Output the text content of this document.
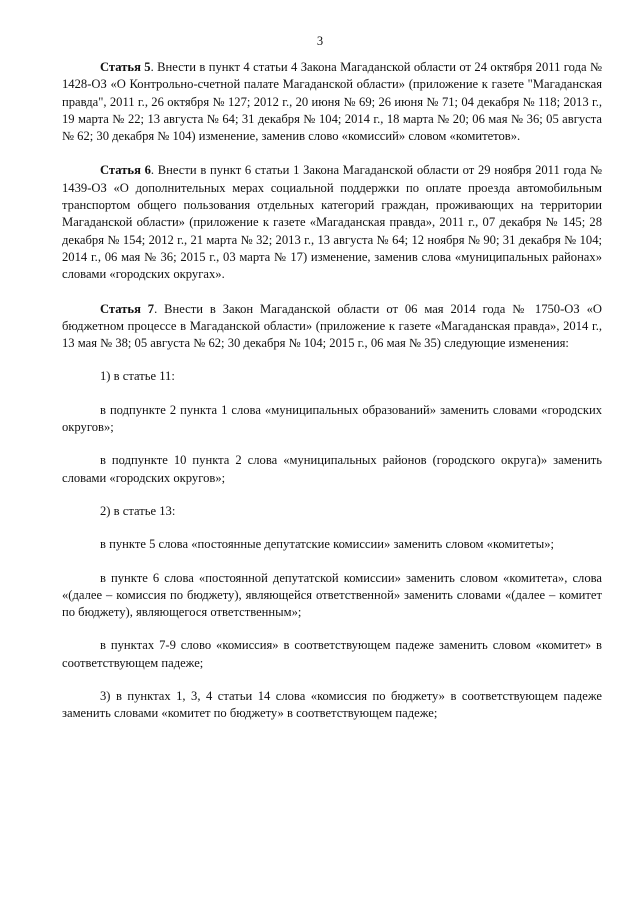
3

Статья 5. Внести в пункт 4 статьи 4 Закона Магаданской области от 24 октября 2011 года № 1428-ОЗ «О Контрольно-счетной палате Магаданской области» (приложение к газете "Магаданская правда", 2011 г., 26 октября № 127; 2012 г., 20 июня № 69; 26 июня № 71; 04 декабря № 118; 2013 г., 19 марта № 22; 13 августа № 64; 31 декабря № 104; 2014 г., 18 марта № 20; 06 мая № 36; 05 августа № 62; 30 декабря № 104) изменение, заменив слово «комиссий» словом «комитетов».

Статья 6. Внести в пункт 6 статьи 1 Закона Магаданской области от 29 ноября 2011 года № 1439-ОЗ «О дополнительных мерах социальной поддержки по оплате проезда автомобильным транспортом общего пользования отдельных категорий граждан, проживающих на территории Магаданской области» (приложение к газете «Магаданская правда», 2011 г., 07 декабря № 145; 28 декабря № 154; 2012 г., 21 марта № 32; 2013 г., 13 августа № 64; 12 ноября № 90; 31 декабря № 104; 2014 г., 06 мая № 36; 2015 г., 03 марта № 17) изменение, заменив слова «муниципальных районах» словами «городских округах».

Статья 7. Внести в Закон Магаданской области от 06 мая 2014 года № 1750-ОЗ «О бюджетном процессе в Магаданской области» (приложение к газете «Магаданская правда», 2014 г., 13 мая № 38; 05 августа № 62; 30 декабря № 104; 2015 г., 06 мая № 35) следующие изменения:

1) в статье 11:

в подпункте 2 пункта 1 слова «муниципальных образований» заменить словами «городских округов»;

в подпункте 10 пункта 2 слова «муниципальных районов (городского округа)» заменить словами «городских округов»;

2) в статье 13:

в пункте 5 слова «постоянные депутатские комиссии» заменить словом «комитеты»;

в пункте 6 слова «постоянной депутатской комиссии» заменить словом «комитета», слова «(далее – комиссия по бюджету), являющейся ответственной» заменить словами «(далее – комитет по бюджету), являющегося ответственным»;

в пунктах 7-9 слово «комиссия» в соответствующем падеже заменить словом «комитет» в соответствующем падеже;

3) в пунктах 1, 3, 4 статьи 14 слова «комиссия по бюджету» в соответствующем падеже заменить словами «комитет по бюджету» в соответствующем падеже;
